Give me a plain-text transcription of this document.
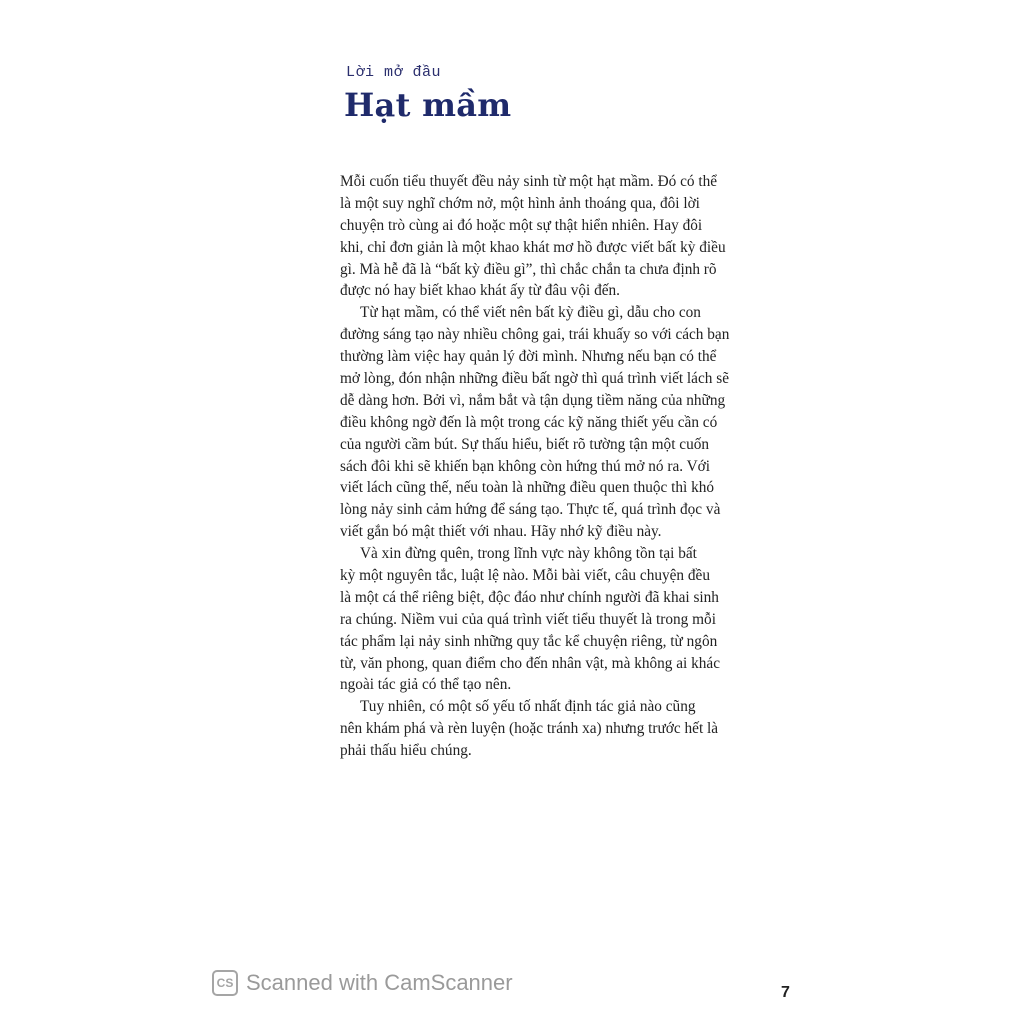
Lời mở đầu
Hạt mầm
Mỗi cuốn tiểu thuyết đều nảy sinh từ một hạt mầm. Đó có thể
là một suy nghĩ chớm nở, một hình ảnh thoáng qua, đôi lời
chuyện trò cùng ai đó hoặc một sự thật hiển nhiên. Hay đôi
khi, chỉ đơn giản là một khao khát mơ hồ được viết bất kỳ điều
gì. Mà hễ đã là “bất kỳ điều gì”, thì chắc chắn ta chưa định rõ
được nó hay biết khao khát ấy từ đâu vội đến.
Từ hạt mầm, có thể viết nên bất kỳ điều gì, dẫu cho con
đường sáng tạo này nhiều chông gai, trái khuấy so với cách bạn
thường làm việc hay quản lý đời mình. Nhưng nếu bạn có thể
mở lòng, đón nhận những điều bất ngờ thì quá trình viết lách sẽ
dễ dàng hơn. Bởi vì, nắm bắt và tận dụng tiềm năng của những
điều không ngờ đến là một trong các kỹ năng thiết yếu cần có
của người cầm bút. Sự thấu hiểu, biết rõ tường tận một cuốn
sách đôi khi sẽ khiến bạn không còn hứng thú mở nó ra. Với
viết lách cũng thế, nếu toàn là những điều quen thuộc thì khó
lòng nảy sinh cảm hứng để sáng tạo. Thực tế, quá trình đọc và
viết gắn bó mật thiết với nhau. Hãy nhớ kỹ điều này.
Và xin đừng quên, trong lĩnh vực này không tồn tại bất
kỳ một nguyên tắc, luật lệ nào. Mỗi bài viết, câu chuyện đều
là một cá thể riêng biệt, độc đáo như chính người đã khai sinh
ra chúng. Niềm vui của quá trình viết tiểu thuyết là trong mỗi
tác phẩm lại nảy sinh những quy tắc kể chuyện riêng, từ ngôn
từ, văn phong, quan điểm cho đến nhân vật, mà không ai khác
ngoài tác giả có thể tạo nên.
Tuy nhiên, có một số yếu tố nhất định tác giả nào cũng
nên khám phá và rèn luyện (hoặc tránh xa) nhưng trước hết là
phải thấu hiểu chúng.
CS Scanned with CamScanner	7
